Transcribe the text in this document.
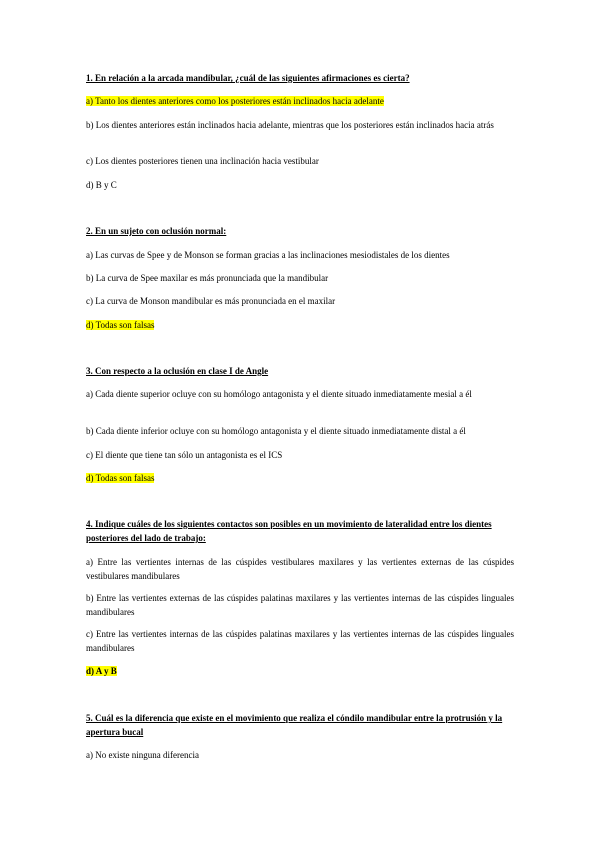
1. En relación a la arcada mandibular, ¿cuál de las siguientes afirmaciones es cierta?
a) Tanto los dientes anteriores como los posteriores están inclinados hacia adelante
b) Los dientes anteriores están inclinados hacia adelante, mientras que los posteriores están inclinados hacia atrás
c) Los dientes posteriores tienen una inclinación hacia vestibular
d) B y C
2. En un sujeto con oclusión normal:
a) Las curvas de Spee y de Monson se forman gracias a las inclinaciones mesiodistales de los dientes
b) La curva de Spee maxilar es más pronunciada que la mandibular
c) La curva de Monson mandibular es más pronunciada en el maxilar
d) Todas son falsas
3. Con respecto a la oclusión en clase I de Angle
a) Cada diente superior ocluye con su homólogo antagonista y el diente situado inmediatamente mesial a él
b) Cada diente inferior ocluye con su homólogo antagonista y el diente situado inmediatamente distal a él
c) El diente que tiene tan sólo un antagonista es el ICS
d) Todas son falsas
4. Indique cuáles de los siguientes contactos son posibles en un movimiento de lateralidad entre los dientes posteriores del lado de trabajo:
a) Entre las vertientes internas de las cúspides vestibulares maxilares y las vertientes externas de las cúspides vestibulares mandibulares
b) Entre las vertientes externas de las cúspides palatinas maxilares y las vertientes internas de las cúspides linguales mandibulares
c) Entre las vertientes internas de las cúspides palatinas maxilares y las vertientes internas de las cúspides linguales mandibulares
d) A y B
5. Cuál es la diferencia que existe en el movimiento que realiza el cóndilo mandibular entre la protrusión y la apertura bucal
a) No existe ninguna diferencia
